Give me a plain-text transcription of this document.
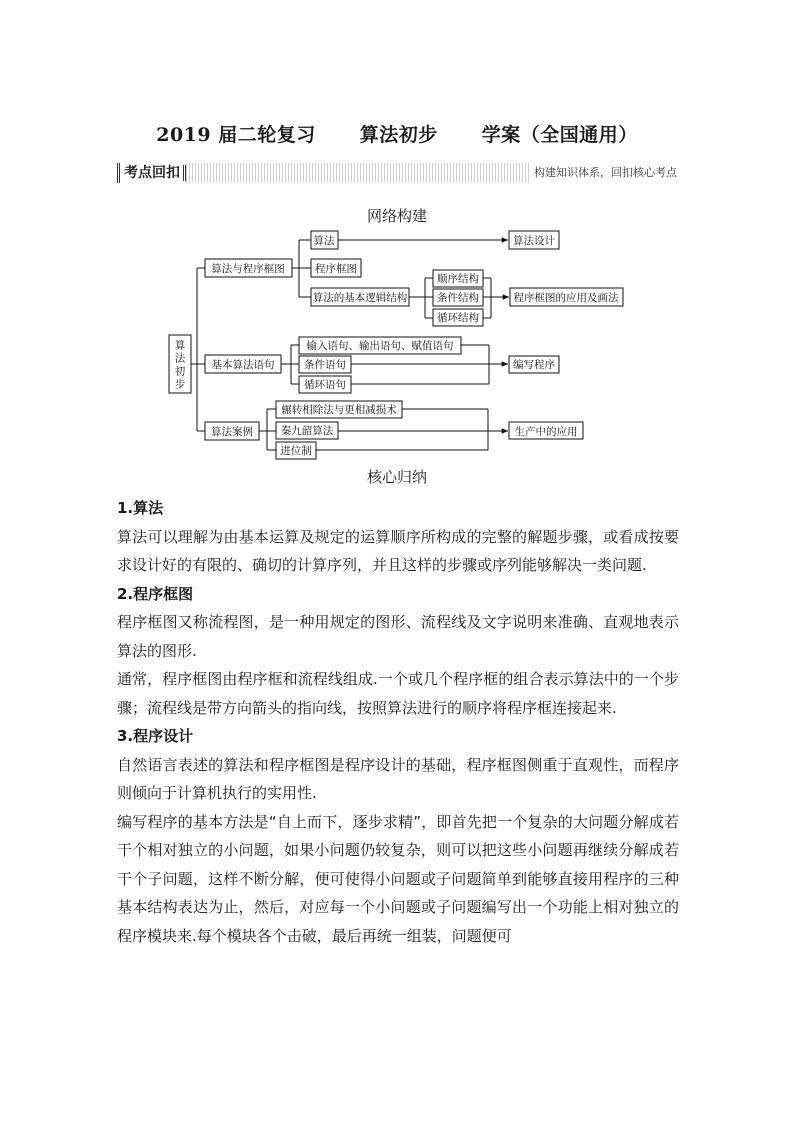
2019 届二轮复习 算法初步 学案（全国通用）
考点回扣	构建知识体系，回扣核心考点
网络构建
算法初步
算法与程序框图
算法	算法设计
程序框图
算法的基本逻辑结构
顺序结构
条件结构
循环结构
程序框图的应用及画法
基本算法语句
输入语句、输出语句、赋值语句
条件语句
循环语句
编写程序
算法案例
辗转相除法与更相减损术
秦九韶算法
进位制
生产中的应用
核心归纳

1.算法

算法可以理解为由基本运算及规定的运算顺序所构成的完整的解题步骤，或看成按要求设计好的有限的、确切的计算序列，并且这样的步骤或序列能够解决一类问题.

2.程序框图

程序框图又称流程图，是一种用规定的图形、流程线及文字说明来准确、直观地表示算法的图形.

通常，程序框图由程序框和流程线组成.一个或几个程序框的组合表示算法中的一个步骤；流程线是带方向箭头的指向线，按照算法进行的顺序将程序框连接起来.

3.程序设计

自然语言表述的算法和程序框图是程序设计的基础，程序框图侧重于直观性，而程序则倾向于计算机执行的实用性.

编写程序的基本方法是“自上而下，逐步求精”，即首先把一个复杂的大问题分解成若干个相对独立的小问题，如果小问题仍较复杂，则可以把这些小问题再继续分解成若干个子问题，这样不断分解，便可使得小问题或子问题简单到能够直接用程序的三种基本结构表达为止，然后，对应每一个小问题或子问题编写出一个功能上相对独立的程序模块来.每个模块各个击破，最后再统一组装，问题便可
